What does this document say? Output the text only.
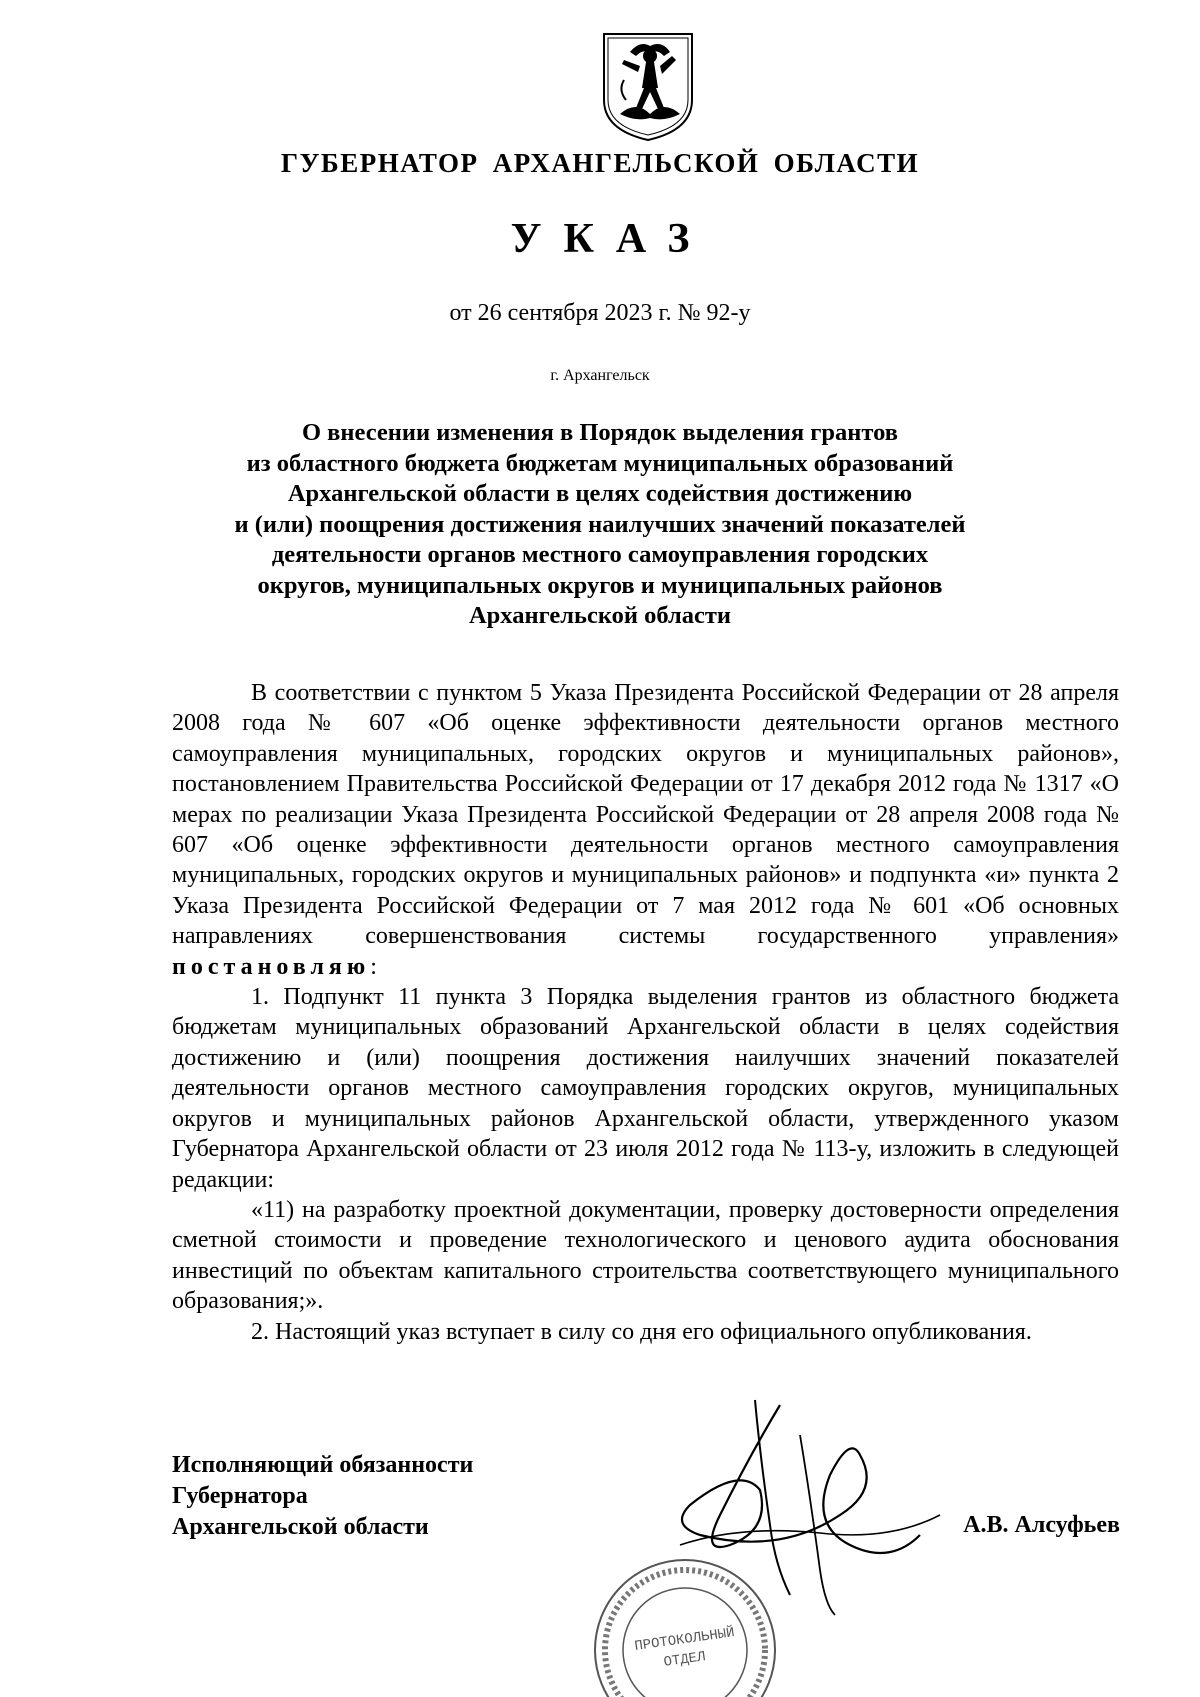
ГУБЕРНАТОР АРХАНГЕЛЬСКОЙ ОБЛАСТИ
УКАЗ
от 26 сентября 2023 г. № 92-у
г. Архангельск
О внесении изменения в Порядок выделения грантов
из областного бюджета бюджетам муниципальных образований
Архангельской области в целях содействия достижению
и (или) поощрения достижения наилучших значений показателей
деятельности органов местного самоуправления городских
округов, муниципальных округов и муниципальных районов
Архангельской области

В соответствии с пунктом 5 Указа Президента Российской Федерации от 28 апреля 2008 года № 607 «Об оценке эффективности деятельности органов местного самоуправления муниципальных, городских округов и муниципальных районов», постановлением Правительства Российской Федерации от 17 декабря 2012 года № 1317 «О мерах по реализации Указа Президента Российской Федерации от 28 апреля 2008 года № 607 «Об оценке эффективности деятельности органов местного самоуправления муниципальных, городских округов и муниципальных районов» и подпункта «и» пункта 2 Указа Президента Российской Федерации от 7 мая 2012 года № 601 «Об основных направлениях совершенствования системы государственного управления» постановляю:

1. Подпункт 11 пункта 3 Порядка выделения грантов из областного бюджета бюджетам муниципальных образований Архангельской области в целях содействия достижению и (или) поощрения достижения наилучших значений показателей деятельности органов местного самоуправления городских округов, муниципальных округов и муниципальных районов Архангельской области, утвержденного указом Губернатора Архангельской области от 23 июля 2012 года № 113-у, изложить в следующей редакции:

«11) на разработку проектной документации, проверку достоверности определения сметной стоимости и проведение технологического и ценового аудита обоснования инвестиций по объектам капитального строительства соответствующего муниципального образования;».

2. Настоящий указ вступает в силу со дня его официального опубликования.

Исполняющий обязанности
Губернатора
Архангельской области	А.В. Алсуфьев
ПРОТОКОЛЬНЫЙ
ОТДЕЛ
